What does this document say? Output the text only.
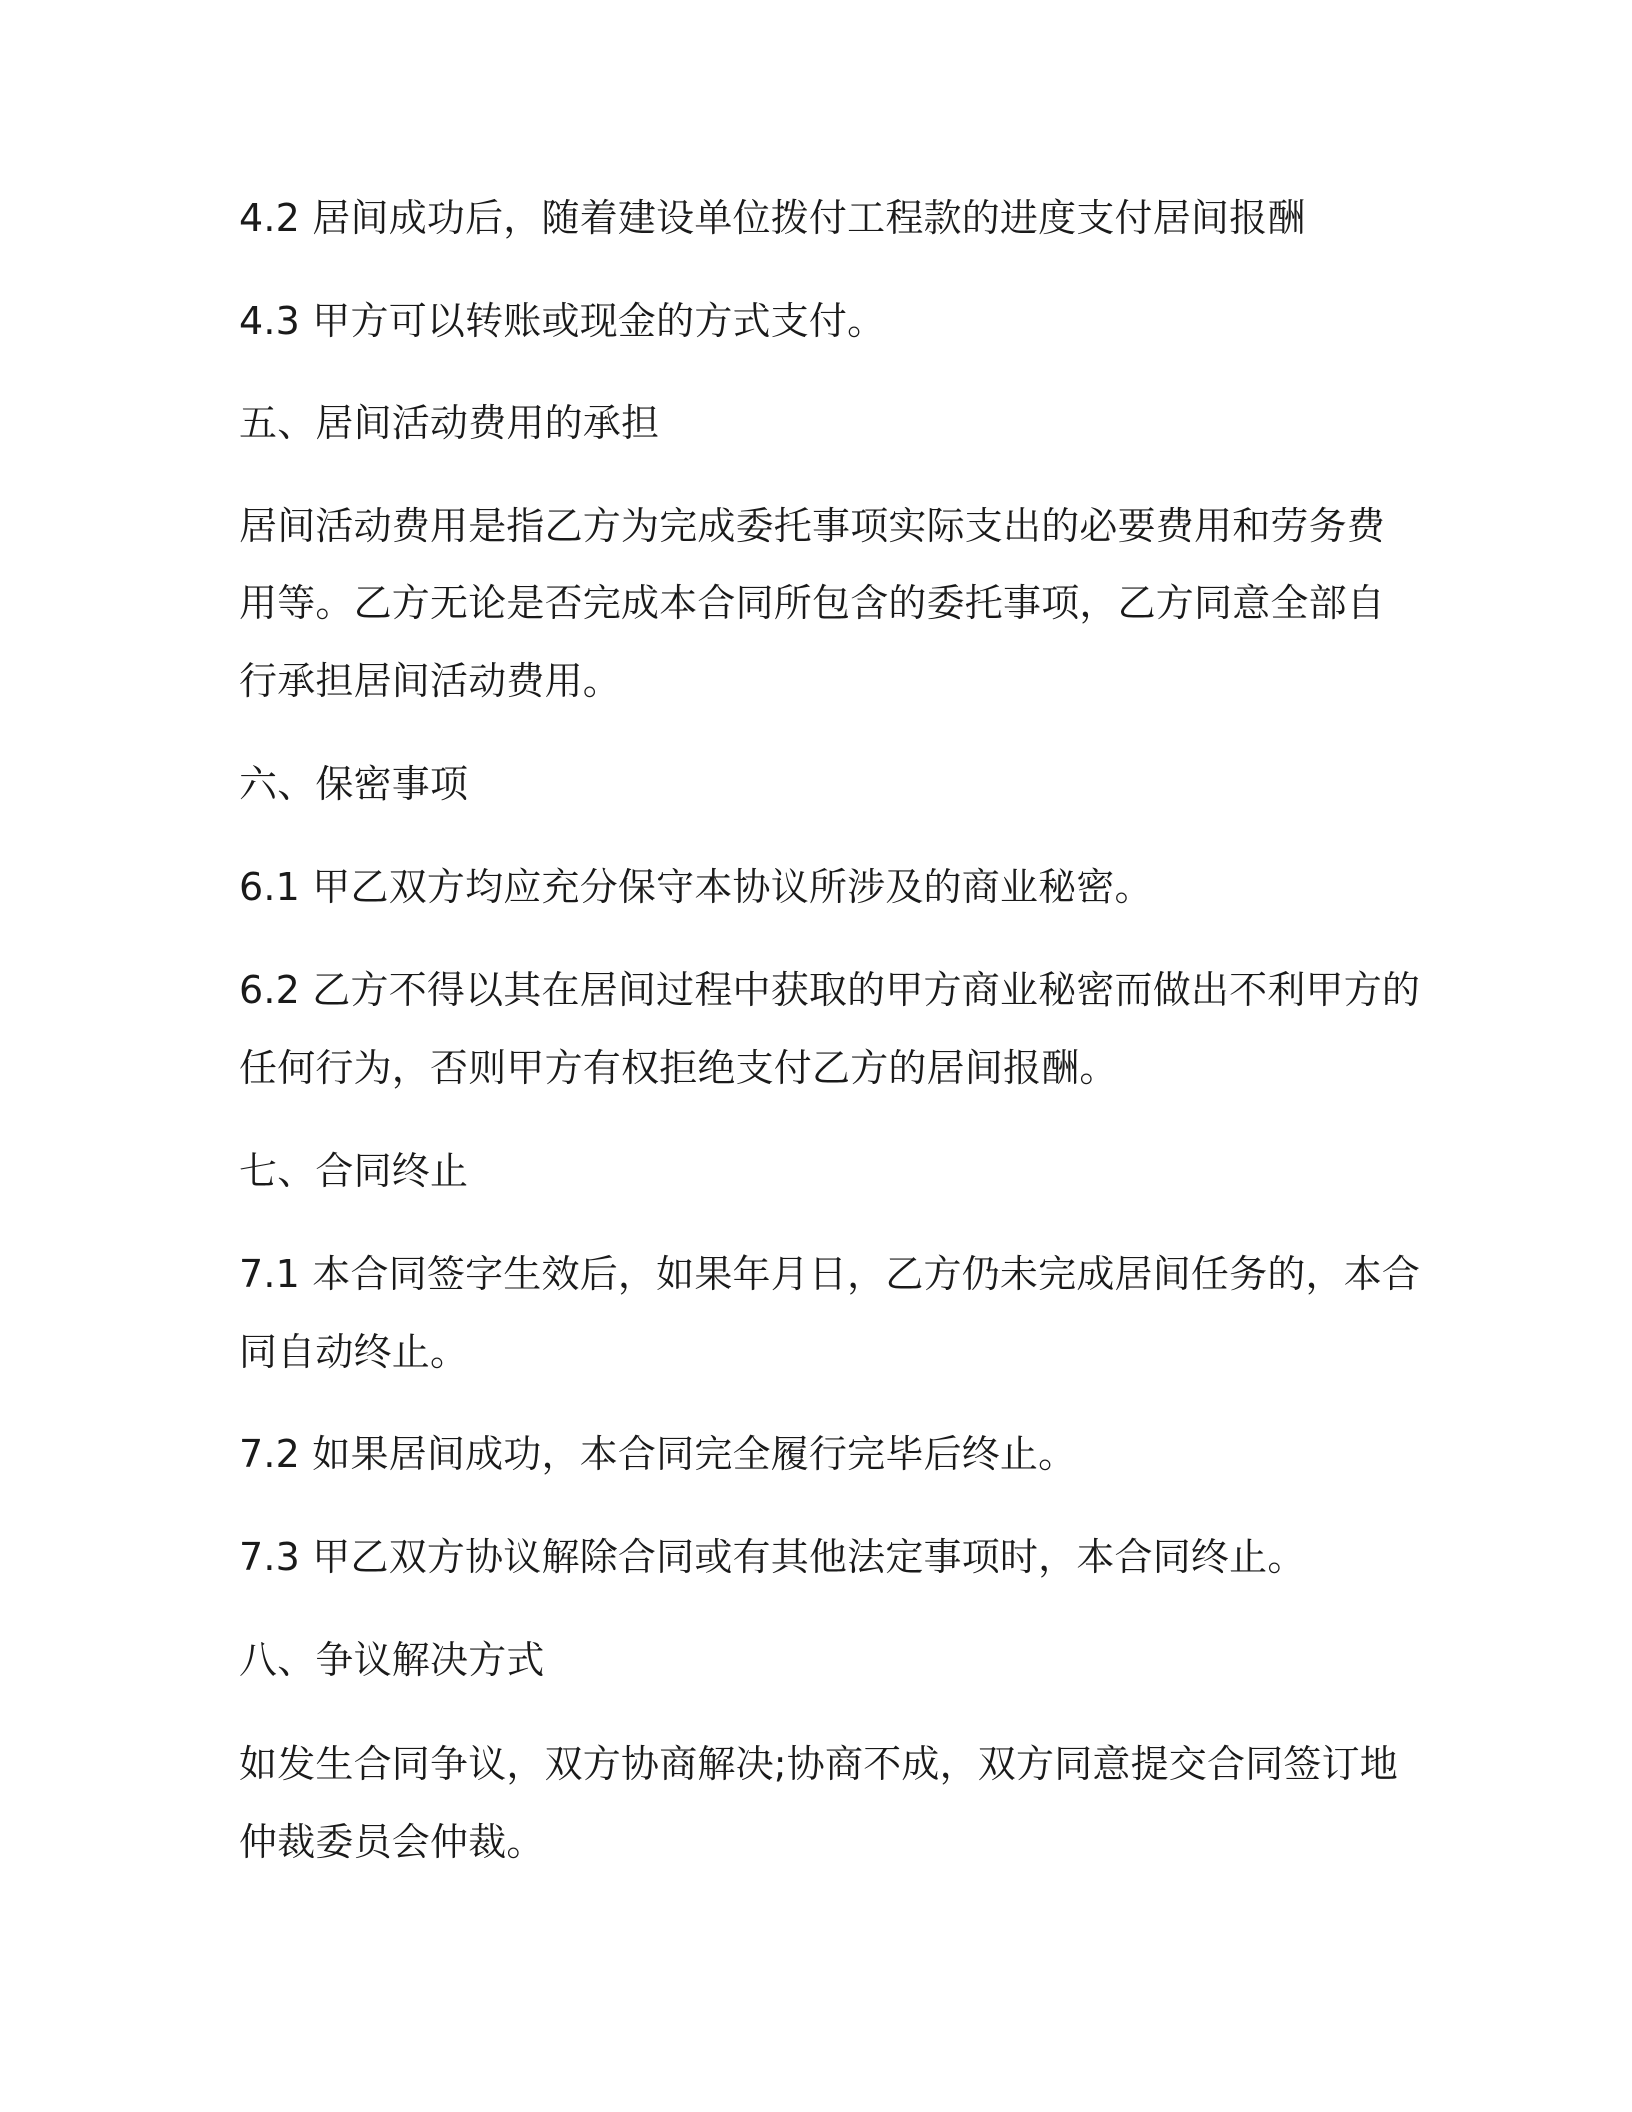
4.2 居间成功后，随着建设单位拨付工程款的进度支付居间报酬

4.3 甲方可以转账或现金的方式支付。

五、居间活动费用的承担

居间活动费用是指乙方为完成委托事项实际支出的必要费用和劳务费

用等。乙方无论是否完成本合同所包含的委托事项，乙方同意全部自

行承担居间活动费用。

六、保密事项

6.1 甲乙双方均应充分保守本协议所涉及的商业秘密。

6.2 乙方不得以其在居间过程中获取的甲方商业秘密而做出不利甲方的

任何行为，否则甲方有权拒绝支付乙方的居间报酬。

七、合同终止

7.1 本合同签字生效后，如果年月日，乙方仍未完成居间任务的，本合

同自动终止。

7.2 如果居间成功，本合同完全履行完毕后终止。

7.3 甲乙双方协议解除合同或有其他法定事项时，本合同终止。

八、争议解决方式

如发生合同争议，双方协商解决;协商不成，双方同意提交合同签订地

仲裁委员会仲裁。
